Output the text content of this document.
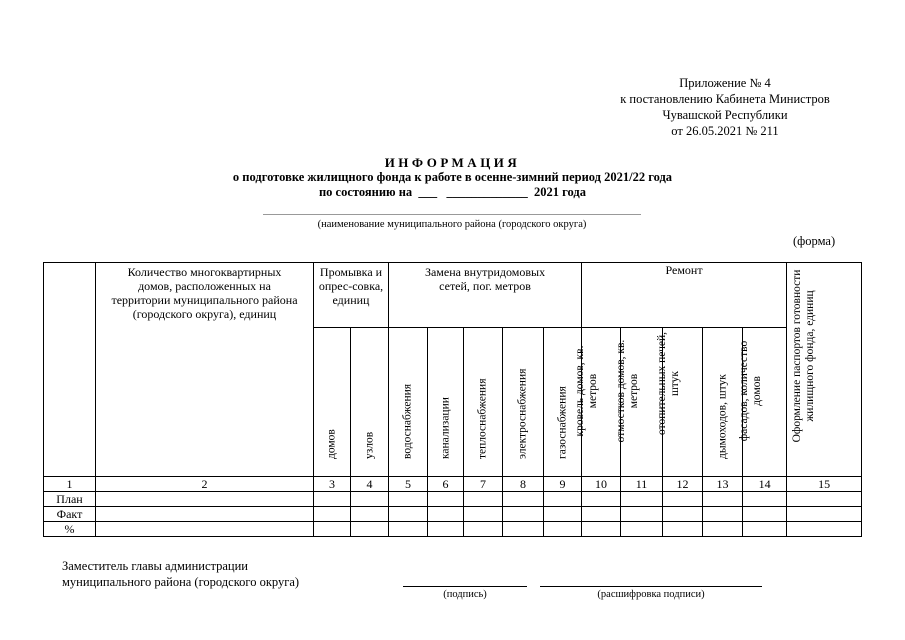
Приложение № 4
к постановлению Кабинета Министров
Чувашской Республики
от 26.05.2021 № 211
ИНФОРМАЦИЯ
о подготовке жилищного фонда к работе в осенне-зимний период 2021/22 года
по состоянию на  ___   _____________  2021 года
(наименование муниципального района (городского округа)
(форма)
	Количество многоквартирных домов, расположенных на территории муниципального района (городского округа), единиц	Промывка и опрес-совка, единиц		Замена внутридомовых сетей, пог. метров					Ремонт					Оформление паспортов готовности жилищного фонда, единиц

		домов	узлов	водоснабжения	канализации	теплоснабжения	электроснабжения	газоснабжения	кровель домов, кв. метров	отмостков домов, кв. метров	отопительных печей, штук	дымоходов, штук	фасадов, количество домов	

1	2	3	4	5	6	7	8	9	10	11	12	13	14	15
План														
Факт														
%														
Заместитель главы администрации
муниципального района (городского округа)
(подпись)	(расшифровка подписи)
